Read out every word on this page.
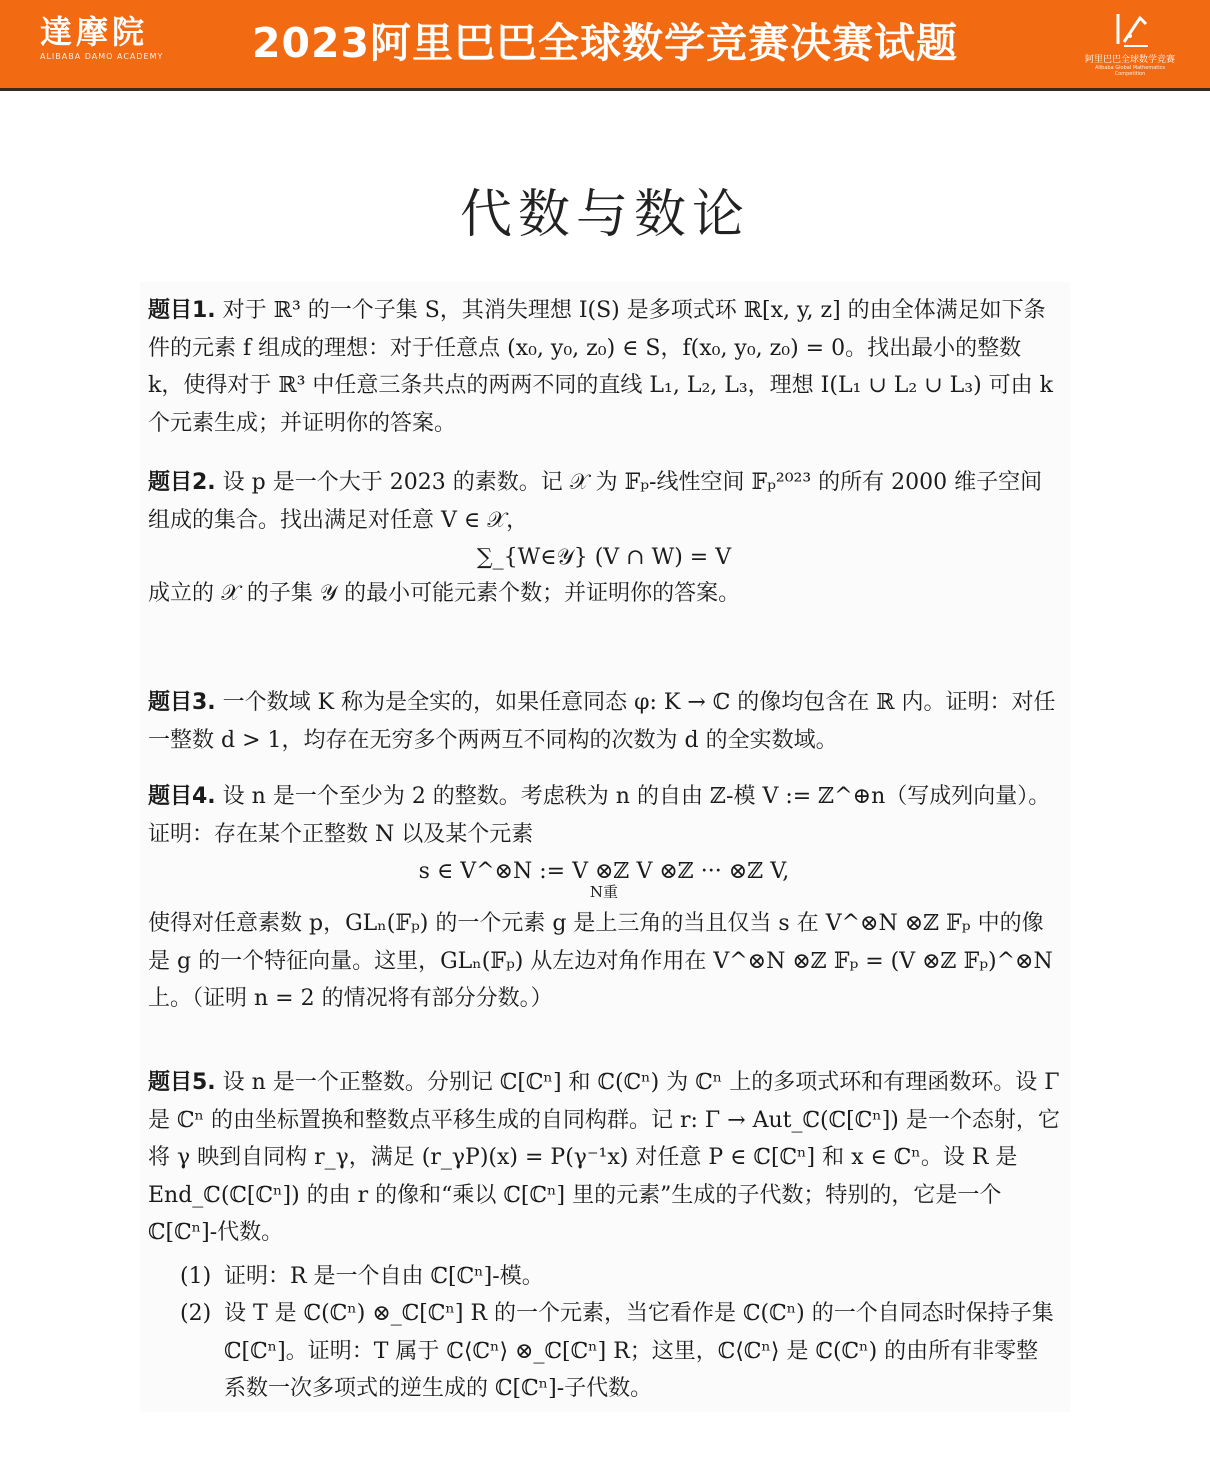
達摩院
ALIBABA DAMO ACADEMY	2023阿里巴巴全球数学竞赛决赛试题	阿里巴巴全球数学竞赛
Alibaba Global Mathematics Competition
代数与数论
题目1. 对于 ℝ³ 的一个子集 S，其消失理想 I(S) 是多项式环 ℝ[x, y, z] 的由全体满足如下条件的元素 f 组成的理想：对于任意点 (x₀, y₀, z₀) ∈ S，f(x₀, y₀, z₀) = 0。找出最小的整数 k，使得对于 ℝ³ 中任意三条共点的两两不同的直线 L₁, L₂, L₃，理想 I(L₁ ∪ L₂ ∪ L₃) 可由 k 个元素生成；并证明你的答案。
题目2. 设 p 是一个大于 2023 的素数。记 𝒳 为 𝔽ₚ-线性空间 𝔽ₚ²⁰²³ 的所有 2000 维子空间组成的集合。找出满足对任意 V ∈ 𝒳，
∑_{W∈𝒴} (V ∩ W) = V
成立的 𝒳 的子集 𝒴 的最小可能元素个数；并证明你的答案。
题目3. 一个数域 K 称为是全实的，如果任意同态 φ: K → ℂ 的像均包含在 ℝ 内。证明：对任一整数 d > 1，均存在无穷多个两两互不同构的次数为 d 的全实数域。
题目4. 设 n 是一个至少为 2 的整数。考虑秩为 n 的自由 ℤ-模 V := ℤ^⊕n（写成列向量）。证明：存在某个正整数 N 以及某个元素
s ∈ V^⊗N := V ⊗ℤ V ⊗ℤ ··· ⊗ℤ V,
N重
使得对任意素数 p，GLₙ(𝔽ₚ) 的一个元素 g 是上三角的当且仅当 s 在 V^⊗N ⊗ℤ 𝔽ₚ 中的像是 g 的一个特征向量。这里，GLₙ(𝔽ₚ) 从左边对角作用在 V^⊗N ⊗ℤ 𝔽ₚ = (V ⊗ℤ 𝔽ₚ)^⊗N 上。（证明 n = 2 的情况将有部分分数。）
题目5. 设 n 是一个正整数。分别记 ℂ[ℂⁿ] 和 ℂ(ℂⁿ) 为 ℂⁿ 上的多项式环和有理函数环。设 Γ 是 ℂⁿ 的由坐标置换和整数点平移生成的自同构群。记 r: Γ → Aut_ℂ(ℂ[ℂⁿ]) 是一个态射，它将 γ 映到自同构 r_γ，满足 (r_γP)(x) = P(γ⁻¹x) 对任意 P ∈ ℂ[ℂⁿ] 和 x ∈ ℂⁿ。设 R 是 End_ℂ(ℂ[ℂⁿ]) 的由 r 的像和“乘以 ℂ[ℂⁿ] 里的元素”生成的子代数；特别的，它是一个 ℂ[ℂⁿ]-代数。
(1) 证明：R 是一个自由 ℂ[ℂⁿ]-模。
(2) 设 T 是 ℂ(ℂⁿ) ⊗_ℂ[ℂⁿ] R 的一个元素，当它看作是 ℂ(ℂⁿ) 的一个自同态时保持子集 ℂ[ℂⁿ]。证明：T 属于 ℂ⟨ℂⁿ⟩ ⊗_ℂ[ℂⁿ] R；这里，ℂ⟨ℂⁿ⟩ 是 ℂ(ℂⁿ) 的由所有非零整系数一次多项式的逆生成的 ℂ[ℂⁿ]-子代数。
